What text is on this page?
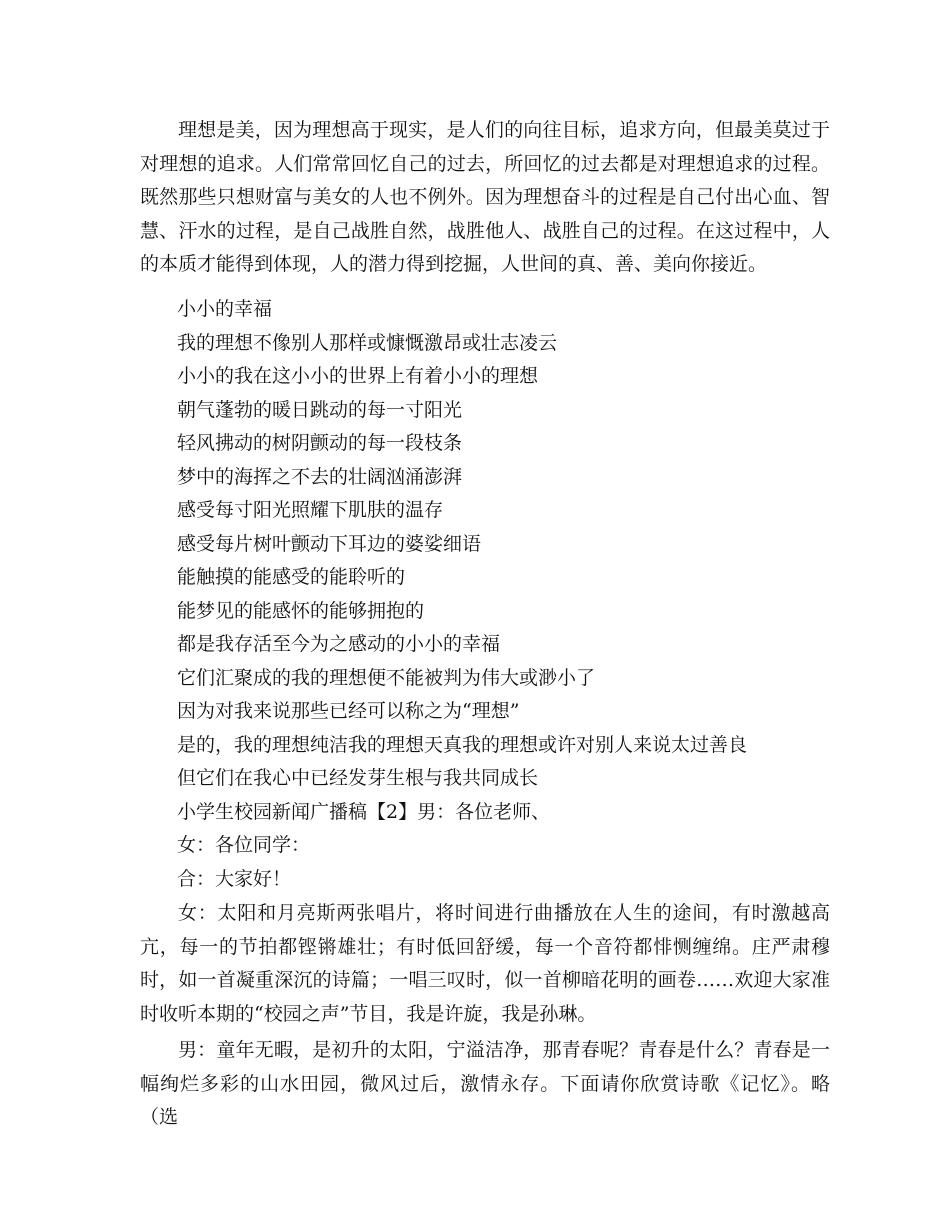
理想是美，因为理想高于现实，是人们的向往目标，追求方向，但最美莫过于对理想的追求。人们常常回忆自己的过去，所回忆的过去都是对理想追求的过程。既然那些只想财富与美女的人也不例外。因为理想奋斗的过程是自己付出心血、智慧、汗水的过程，是自己战胜自然，战胜他人、战胜自己的过程。在这过程中，人的本质才能得到体现，人的潜力得到挖掘，人世间的真、善、美向你接近。

小小的幸福

我的理想不像别人那样或慷慨激昂或壮志凌云

小小的我在这小小的世界上有着小小的理想

朝气蓬勃的暖日跳动的每一寸阳光

轻风拂动的树阴颤动的每一段枝条

梦中的海挥之不去的壮阔汹涌澎湃

感受每寸阳光照耀下肌肤的温存

感受每片树叶颤动下耳边的婆娑细语

能触摸的能感受的能聆听的

能梦见的能感怀的能够拥抱的

都是我存活至今为之感动的小小的幸福

它们汇聚成的我的理想便不能被判为伟大或渺小了

因为对我来说那些已经可以称之为“理想”

是的，我的理想纯洁我的理想天真我的理想或许对别人来说太过善良

但它们在我心中已经发芽生根与我共同成长

小学生校园新闻广播稿【2】男：各位老师、

女：各位同学：

合：大家好！

女：太阳和月亮斯两张唱片，将时间进行曲播放在人生的途间，有时激越高亢，每一的节拍都铿锵雄壮；有时低回舒缓，每一个音符都悱恻缠绵。庄严肃穆时，如一首凝重深沉的诗篇；一唱三叹时，似一首柳暗花明的画卷……欢迎大家准时收听本期的“校园之声”节目，我是许旋，我是孙琳。

男：童年无暇，是初升的太阳，宁溢洁净，那青春呢？青春是什么？青春是一幅绚烂多彩的山水田园，微风过后，激情永存。下面请你欣赏诗歌《记忆》。略（选
